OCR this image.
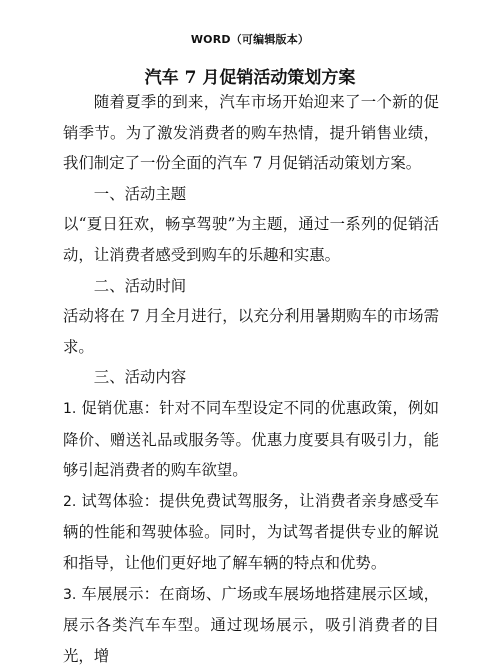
WORD（可编辑版本）
汽车 7 月促销活动策划方案

随着夏季的到来，汽车市场开始迎来了一个新的促销季节。为了激发消费者的购车热情，提升销售业绩，我们制定了一份全面的汽车 7 月促销活动策划方案。

一、活动主题

以“夏日狂欢，畅享驾驶”为主题，通过一系列的促销活动，让消费者感受到购车的乐趣和实惠。

二、活动时间

活动将在 7 月全月进行，以充分利用暑期购车的市场需求。

三、活动内容

1. 促销优惠：针对不同车型设定不同的优惠政策，例如降价、赠送礼品或服务等。优惠力度要具有吸引力，能够引起消费者的购车欲望。

2. 试驾体验：提供免费试驾服务，让消费者亲身感受车辆的性能和驾驶体验。同时，为试驾者提供专业的解说和指导，让他们更好地了解车辆的特点和优势。

3. 车展展示：在商场、广场或车展场地搭建展示区域，展示各类汽车车型。通过现场展示，吸引消费者的目光，增
